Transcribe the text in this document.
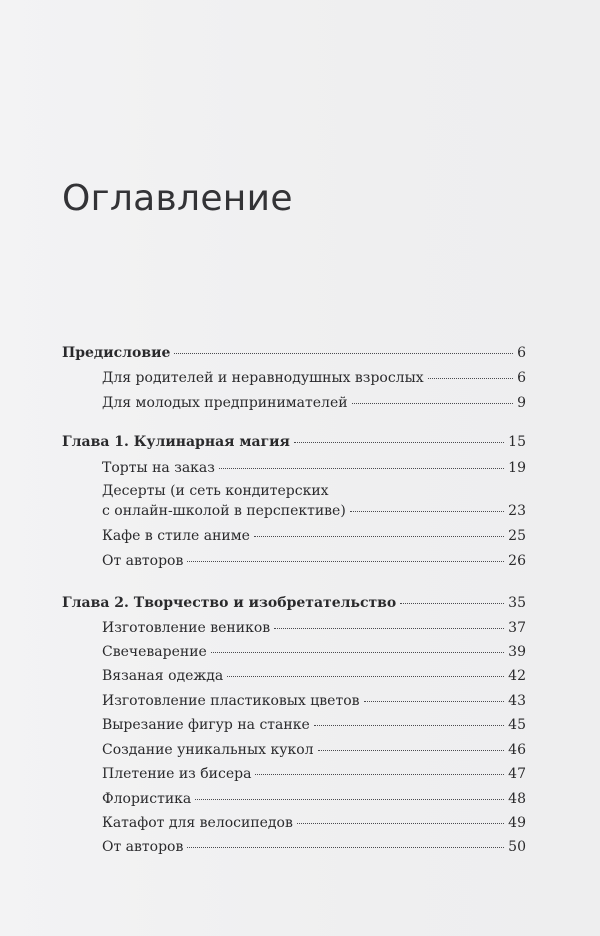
Оглавление
Предисловие	6
Для родителей и неравнодушных взрослых	6
Для молодых предпринимателей	9
Глава 1. Кулинарная магия	15
Торты на заказ	19
Десерты (и сеть кондитерских
с онлайн-школой в перспективе)	23
Кафе в стиле аниме	25
От авторов	26
Глава 2. Творчество и изобретательство	35
Изготовление веников	37
Свечеварение	39
Вязаная одежда	42
Изготовление пластиковых цветов	43
Вырезание фигур на станке	45
Создание уникальных кукол	46
Плетение из бисера	47
Флористика	48
Катафот для велосипедов	49
От авторов	50
